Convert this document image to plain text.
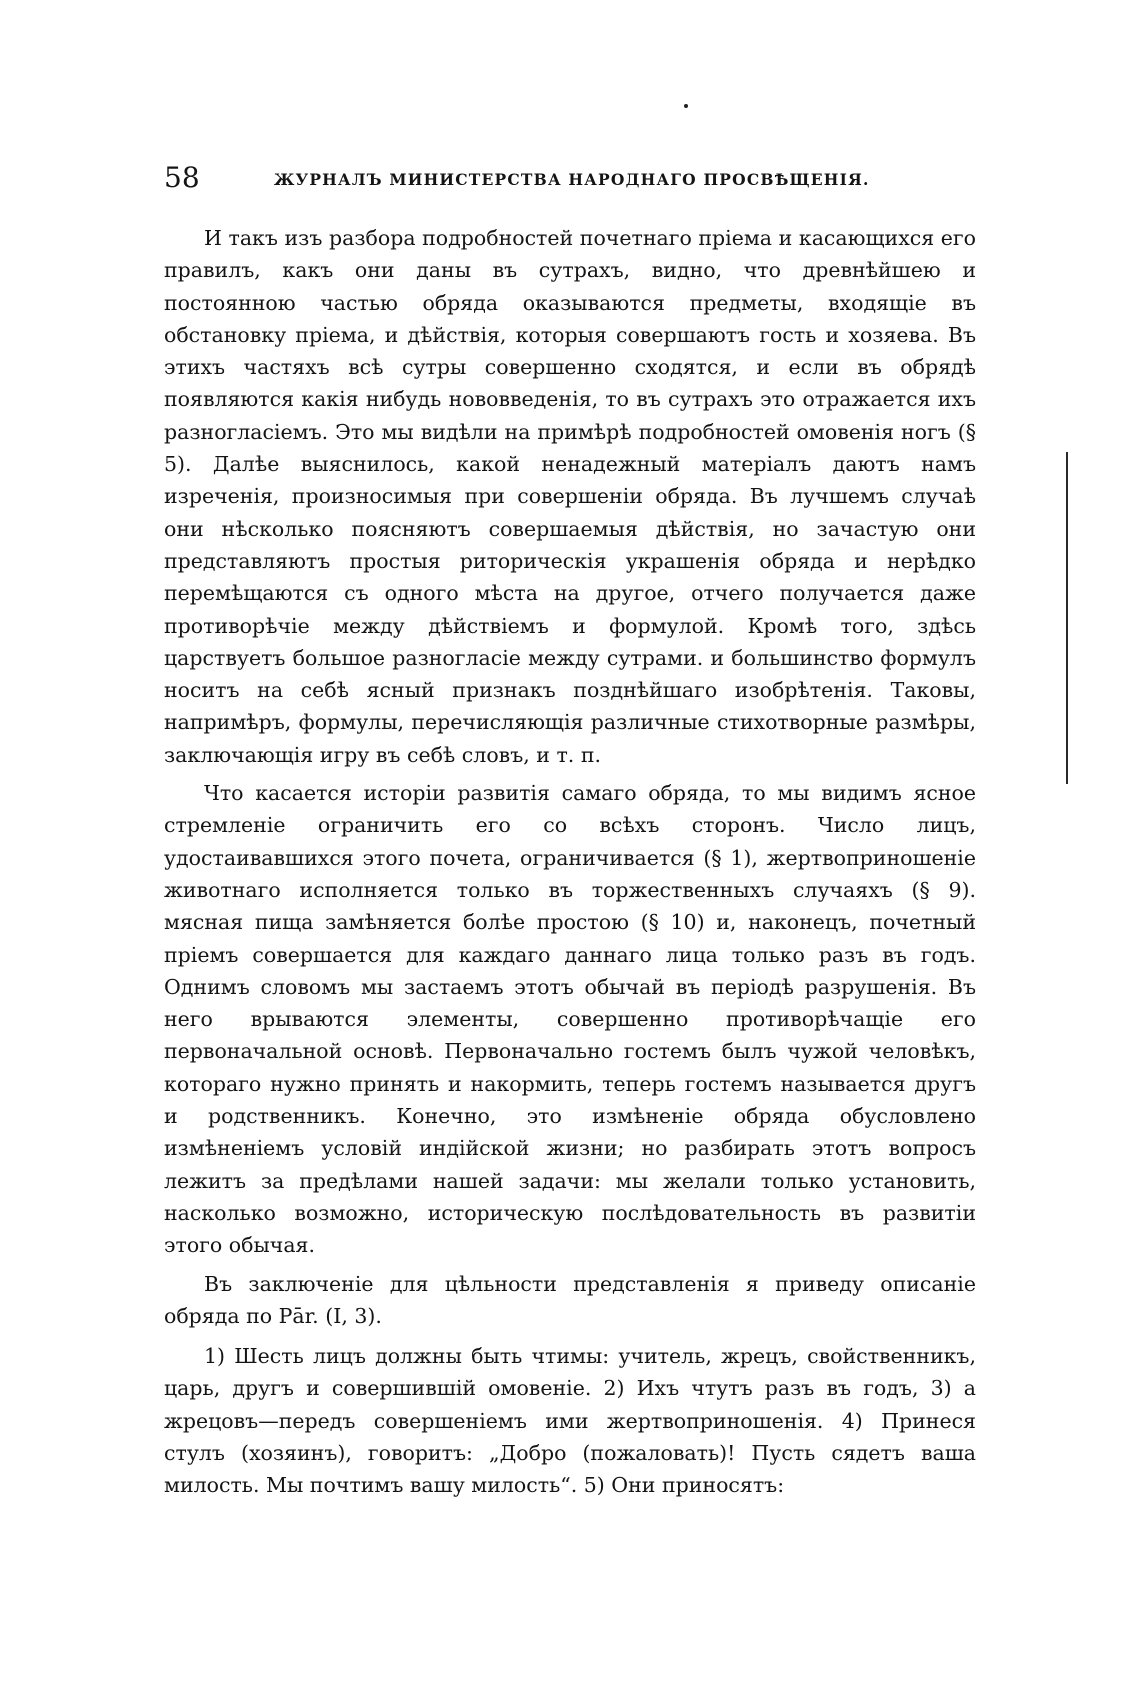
58	ЖУРНАЛЪ МИНИСТЕРСТВА НАРОДНАГО ПРОСВѢЩЕНІЯ.

И такъ изъ разбора подробностей почетнаго пріема и касающихся его правилъ, какъ они даны въ сутрахъ, видно, что древнѣйшею и постоянною частью обряда оказываются предметы, входящіе въ обстановку пріема, и дѣйствія, которыя совершаютъ гость и хозяева. Въ этихъ частяхъ всѣ сутры совершенно сходятся, и если въ обрядѣ появляются какія нибудь нововведенія, то въ сутрахъ это отражается ихъ разногласіемъ. Это мы видѣли на примѣрѣ подробностей омовенія ногъ (§ 5). Далѣе выяснилось, какой ненадежный матеріалъ даютъ намъ изреченія, произносимыя при совершеніи обряда. Въ лучшемъ случаѣ они нѣсколько поясняютъ совершаемыя дѣйствія, но зачастую они представляютъ простыя риторическія украшенія обряда и нерѣдко перемѣщаются съ одного мѣста на другое, отчего получается даже противорѣчіе между дѣйствіемъ и формулой. Кромѣ того, здѣсь царствуетъ большое разногласіе между сутрами. и большинство формулъ носитъ на себѣ ясный признакъ позднѣйшаго изобрѣтенія. Таковы, напримѣръ, формулы, перечисляющія различные стихотворные размѣры, заключающія игру въ себѣ словъ, и т. п.

Что касается исторіи развитія самаго обряда, то мы видимъ ясное стремленіе ограничить его со всѣхъ сторонъ. Число лицъ, удостаивавшихся этого почета, ограничивается (§ 1), жертвоприношеніе животнаго исполняется только въ торжественныхъ случаяхъ (§ 9). мясная пища замѣняется болѣе простою (§ 10) и, наконецъ, почетный пріемъ совершается для каждаго даннаго лица только разъ въ годъ. Однимъ словомъ мы застаемъ этотъ обычай въ періодѣ разрушенія. Въ него врываются элементы, совершенно противорѣчащіе его первоначальной основѣ. Первоначально гостемъ былъ чужой человѣкъ, котораго нужно принять и накормить, теперь гостемъ называется другъ и родственникъ. Конечно, это измѣненіе обряда обусловлено измѣненіемъ условій индійской жизни; но разбирать этотъ вопросъ лежитъ за предѣлами нашей задачи: мы желали только установить, насколько возможно, историческую послѣдовательность въ развитіи этого обычая.

Въ заключеніе для цѣльности представленія я приведу описаніе обряда по Pār. (I, 3).

1) Шесть лицъ должны быть чтимы: учитель, жрецъ, свойственникъ, царь, другъ и совершившій омовеніе. 2) Ихъ чтутъ разъ въ годъ, 3) а жрецовъ—передъ совершеніемъ ими жертвоприношенія. 4) Принеся стулъ (хозяинъ), говоритъ: „Добро (пожаловать)! Пусть сядетъ ваша милость. Мы почтимъ вашу милость“. 5) Они приносятъ:
